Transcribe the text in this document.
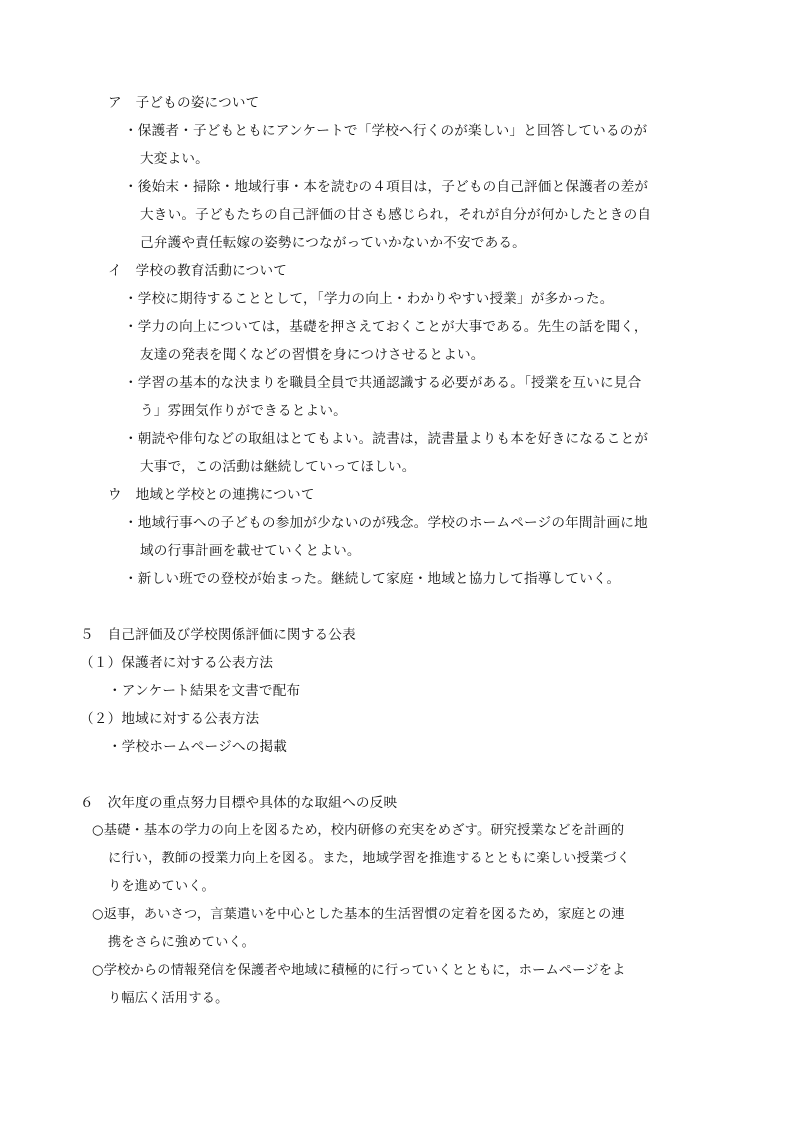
ア　子どもの姿について
・保護者・子どもともにアンケートで「学校へ行くのが楽しい」と回答しているのが
大変よい。
・後始末・掃除・地域行事・本を読むの４項目は，子どもの自己評価と保護者の差が
大きい。子どもたちの自己評価の甘さも感じられ，それが自分が何かしたときの自
己弁護や責任転嫁の姿勢につながっていかないか不安である。
イ　学校の教育活動について
・学校に期待することとして，「学力の向上・わかりやすい授業」が多かった。
・学力の向上については，基礎を押さえておくことが大事である。先生の話を聞く，
友達の発表を聞くなどの習慣を身につけさせるとよい。
・学習の基本的な決まりを職員全員で共通認識する必要がある。「授業を互いに見合
う」雰囲気作りができるとよい。
・朝読や俳句などの取組はとてもよい。読書は，読書量よりも本を好きになることが
大事で，この活動は継続していってほしい。
ウ　地域と学校との連携について
・地域行事への子どもの参加が少ないのが残念。学校のホームページの年間計画に地
域の行事計画を載せていくとよい。
・新しい班での登校が始まった。継続して家庭・地域と協力して指導していく。
５　自己評価及び学校関係評価に関する公表
（１）保護者に対する公表方法
・アンケート結果を文書で配布
（２）地域に対する公表方法
・学校ホームページへの掲載
６　次年度の重点努力目標や具体的な取組への反映
○基礎・基本の学力の向上を図るため，校内研修の充実をめざす。研究授業などを計画的
に行い，教師の授業力向上を図る。また，地域学習を推進するとともに楽しい授業づく
りを進めていく。
○返事，あいさつ，言葉遣いを中心とした基本的生活習慣の定着を図るため，家庭との連
携をさらに強めていく。
○学校からの情報発信を保護者や地域に積極的に行っていくとともに，ホームページをよ
り幅広く活用する。
